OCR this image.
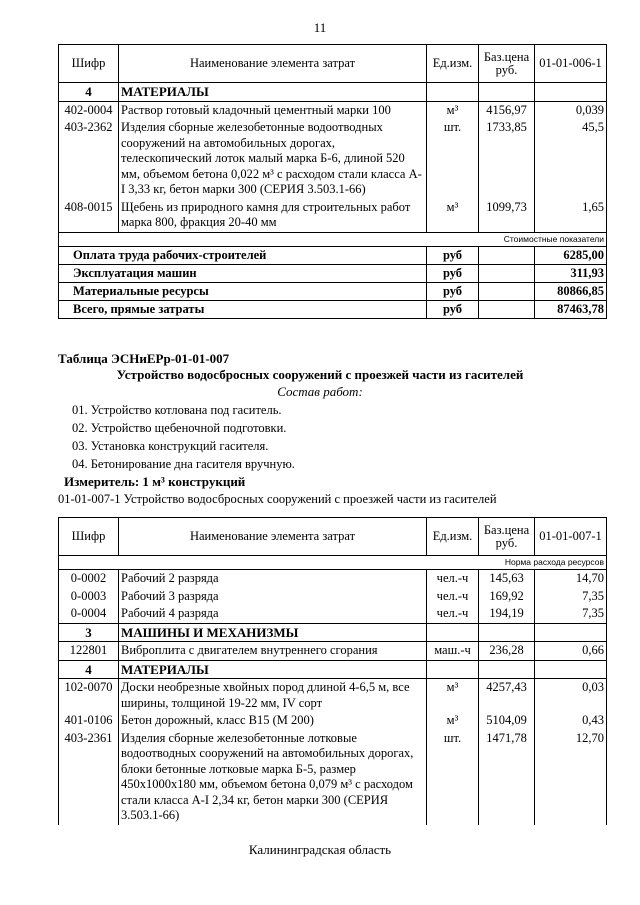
11
Шифр	Наименование элемента затрат	Ед.изм.	Баз.цена руб.	01-01-006-1
4	МАТЕРИАЛЫ			
402-0004	Раствор готовый кладочный цементный марки 100	м³	4156,97	0,039
403-2362	Изделия сборные железобетонные водоотводных сооружений на автомобильных дорогах, телескопический лоток малый марка Б-6, длиной 520 мм, объемом бетона 0,022 м³ с расходом стали класса А-I 3,33 кг, бетон марки 300 (СЕРИЯ 3.503.1-66)	шт.	1733,85	45,5
408-0015	Щебень из природного камня для строительных работ марка 800, фракция 20-40 мм	м³	1099,73	1,65
Стоимостные показатели				
Оплата труда рабочих-строителей		руб		6285,00
Эксплуатация машин		руб		311,93
Материальные ресурсы		руб		80866,85
Всего, прямые затраты		руб		87463,78
Таблица ЭСНиЕРр-01-01-007
Устройство водосбросных сооружений с проезжей части из гасителей
Состав работ:
01. Устройство котлована под гаситель.
02. Устройство щебеночной подготовки.
03. Установка конструкций гасителя.
04. Бетонирование дна гасителя вручную.
Измеритель: 1 м³ конструкций
01-01-007-1 Устройство водосбросных сооружений с проезжей части из гасителей
Шифр	Наименование элемента затрат	Ед.изм.	Баз.цена руб.	01-01-007-1
Норма расхода ресурсов				
0-0002	Рабочий 2 разряда	чел.-ч	145,63	14,70
0-0003	Рабочий 3 разряда	чел.-ч	169,92	7,35
0-0004	Рабочий 4 разряда	чел.-ч	194,19	7,35
3	МАШИНЫ И МЕХАНИЗМЫ			
122801	Виброплита с двигателем внутреннего сгорания	маш.-ч	236,28	0,66
4	МАТЕРИАЛЫ			
102-0070	Доски необрезные хвойных пород длиной 4-6,5 м, все ширины, толщиной 19-22 мм, IV сорт	м³	4257,43	0,03
401-0106	Бетон дорожный, класс В15 (М 200)	м³	5104,09	0,43
403-2361	Изделия сборные железобетонные лотковые водоотводных сооружений на автомобильных дорогах, блоки бетонные лотковые марка Б-5, размер 450х1000х180 мм, объемом бетона 0,079 м³ с расходом стали класса А-I 2,34 кг, бетон марки 300 (СЕРИЯ 3.503.1-66)	шт.	1471,78	12,70
Калининградская область
